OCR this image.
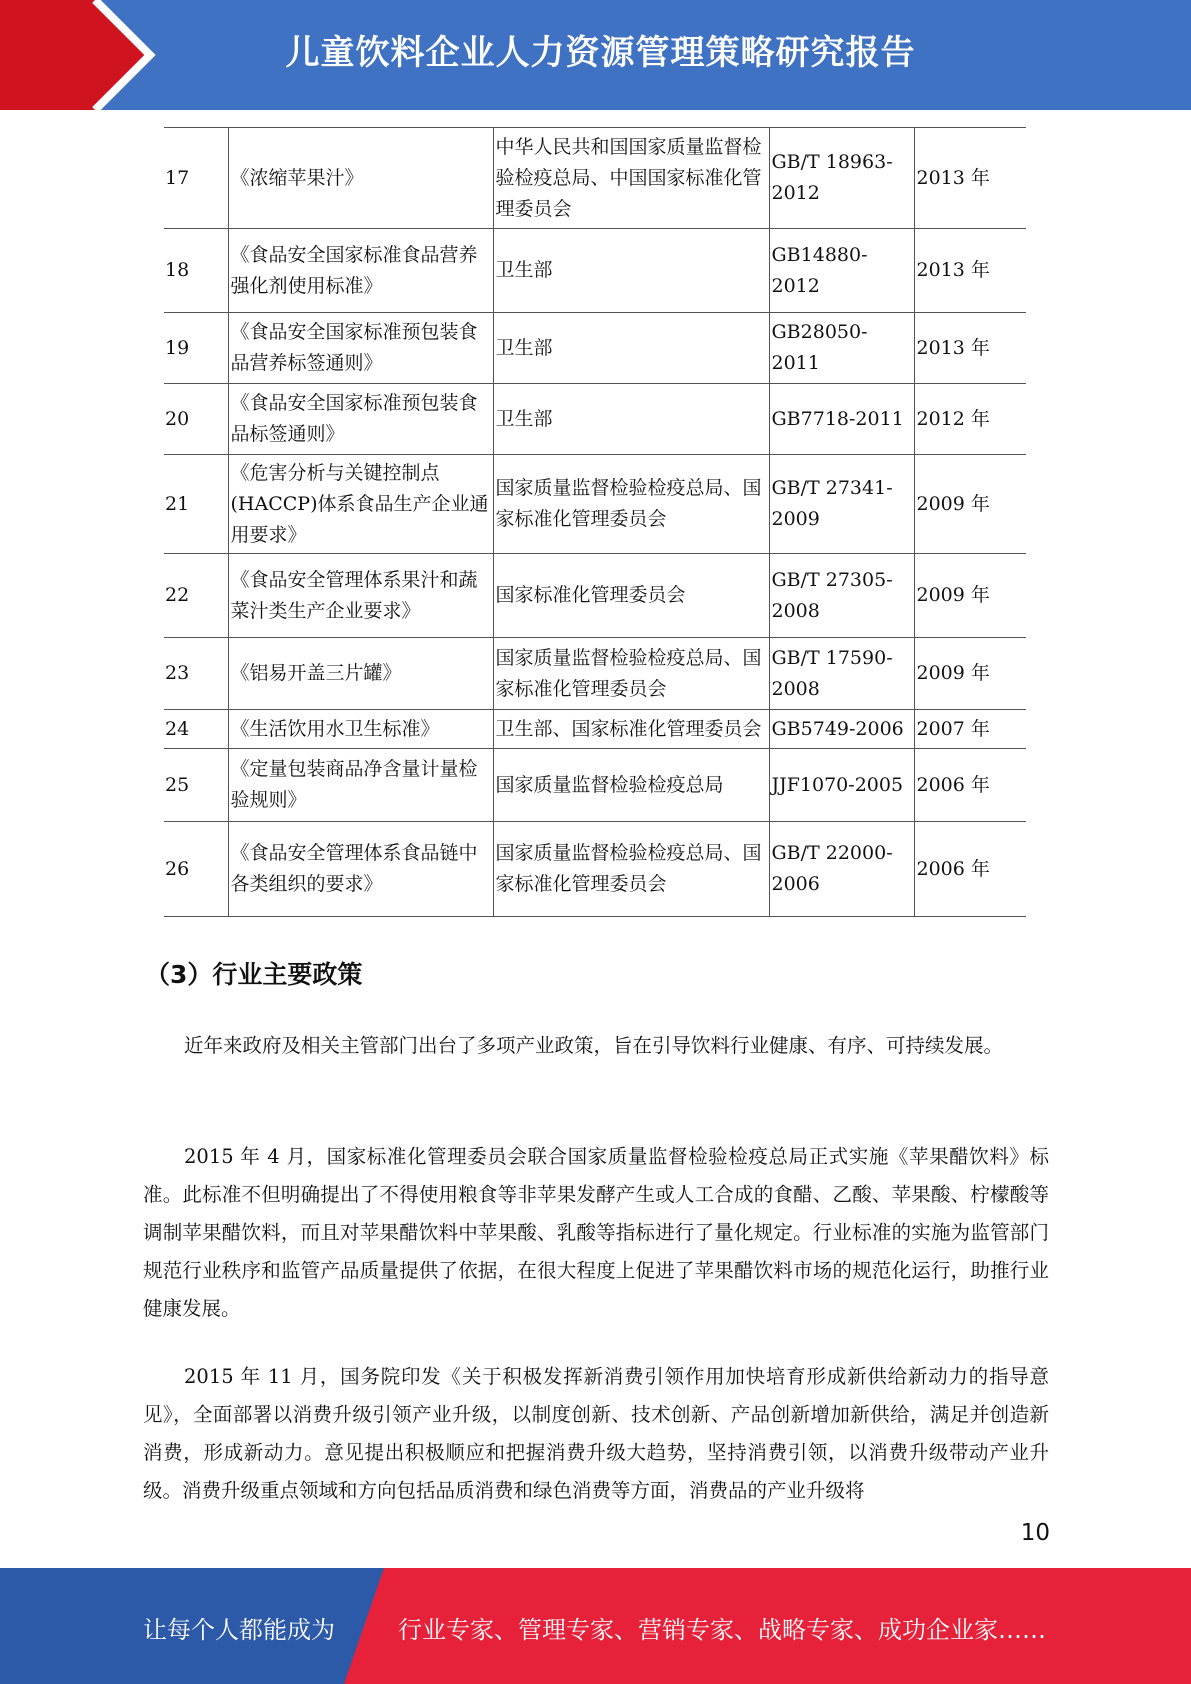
儿童饮料企业人力资源管理策略研究报告
17	《浓缩苹果汁》	中华人民共和国国家质量监督检验检疫总局、中国国家标准化管理委员会	GB/T 18963-2012	2013 年
18	《食品安全国家标准食品营养强化剂使用标准》	卫生部	GB14880-2012	2013 年
19	《食品安全国家标准预包装食品营养标签通则》	卫生部	GB28050-2011	2013 年
20	《食品安全国家标准预包装食品标签通则》	卫生部	GB7718-2011	2012 年
21	《危害分析与关键控制点(HACCP)体系食品生产企业通用要求》	国家质量监督检验检疫总局、国家标准化管理委员会	GB/T 27341-2009	2009 年
22	《食品安全管理体系果汁和蔬菜汁类生产企业要求》	国家标准化管理委员会	GB/T 27305-2008	2009 年
23	《铝易开盖三片罐》	国家质量监督检验检疫总局、国家标准化管理委员会	GB/T 17590-2008	2009 年
24	《生活饮用水卫生标准》	卫生部、国家标准化管理委员会	GB5749-2006	2007 年
25	《定量包装商品净含量计量检验规则》	国家质量监督检验检疫总局	JJF1070-2005	2006 年
26	《食品安全管理体系食品链中各类组织的要求》	国家质量监督检验检疫总局、国家标准化管理委员会	GB/T 22000-2006	2006 年
（3）行业主要政策

近年来政府及相关主管部门出台了多项产业政策，旨在引导饮料行业健康、有序、可持续发展。

2015 年 4 月，国家标准化管理委员会联合国家质量监督检验检疫总局正式实施《苹果醋饮料》标准。此标准不但明确提出了不得使用粮食等非苹果发酵产生或人工合成的食醋、乙酸、苹果酸、柠檬酸等调制苹果醋饮料，而且对苹果醋饮料中苹果酸、乳酸等指标进行了量化规定。行业标准的实施为监管部门规范行业秩序和监管产品质量提供了依据，在很大程度上促进了苹果醋饮料市场的规范化运行，助推行业健康发展。

2015 年 11 月，国务院印发《关于积极发挥新消费引领作用加快培育形成新供给新动力的指导意见》，全面部署以消费升级引领产业升级，以制度创新、技术创新、产品创新增加新供给，满足并创造新消费，形成新动力。意见提出积极顺应和把握消费升级大趋势，坚持消费引领，以消费升级带动产业升级。消费升级重点领域和方向包括品质消费和绿色消费等方面，消费品的产业升级将

10
让每个人都能成为	行业专家、管理专家、营销专家、战略专家、成功企业家……
